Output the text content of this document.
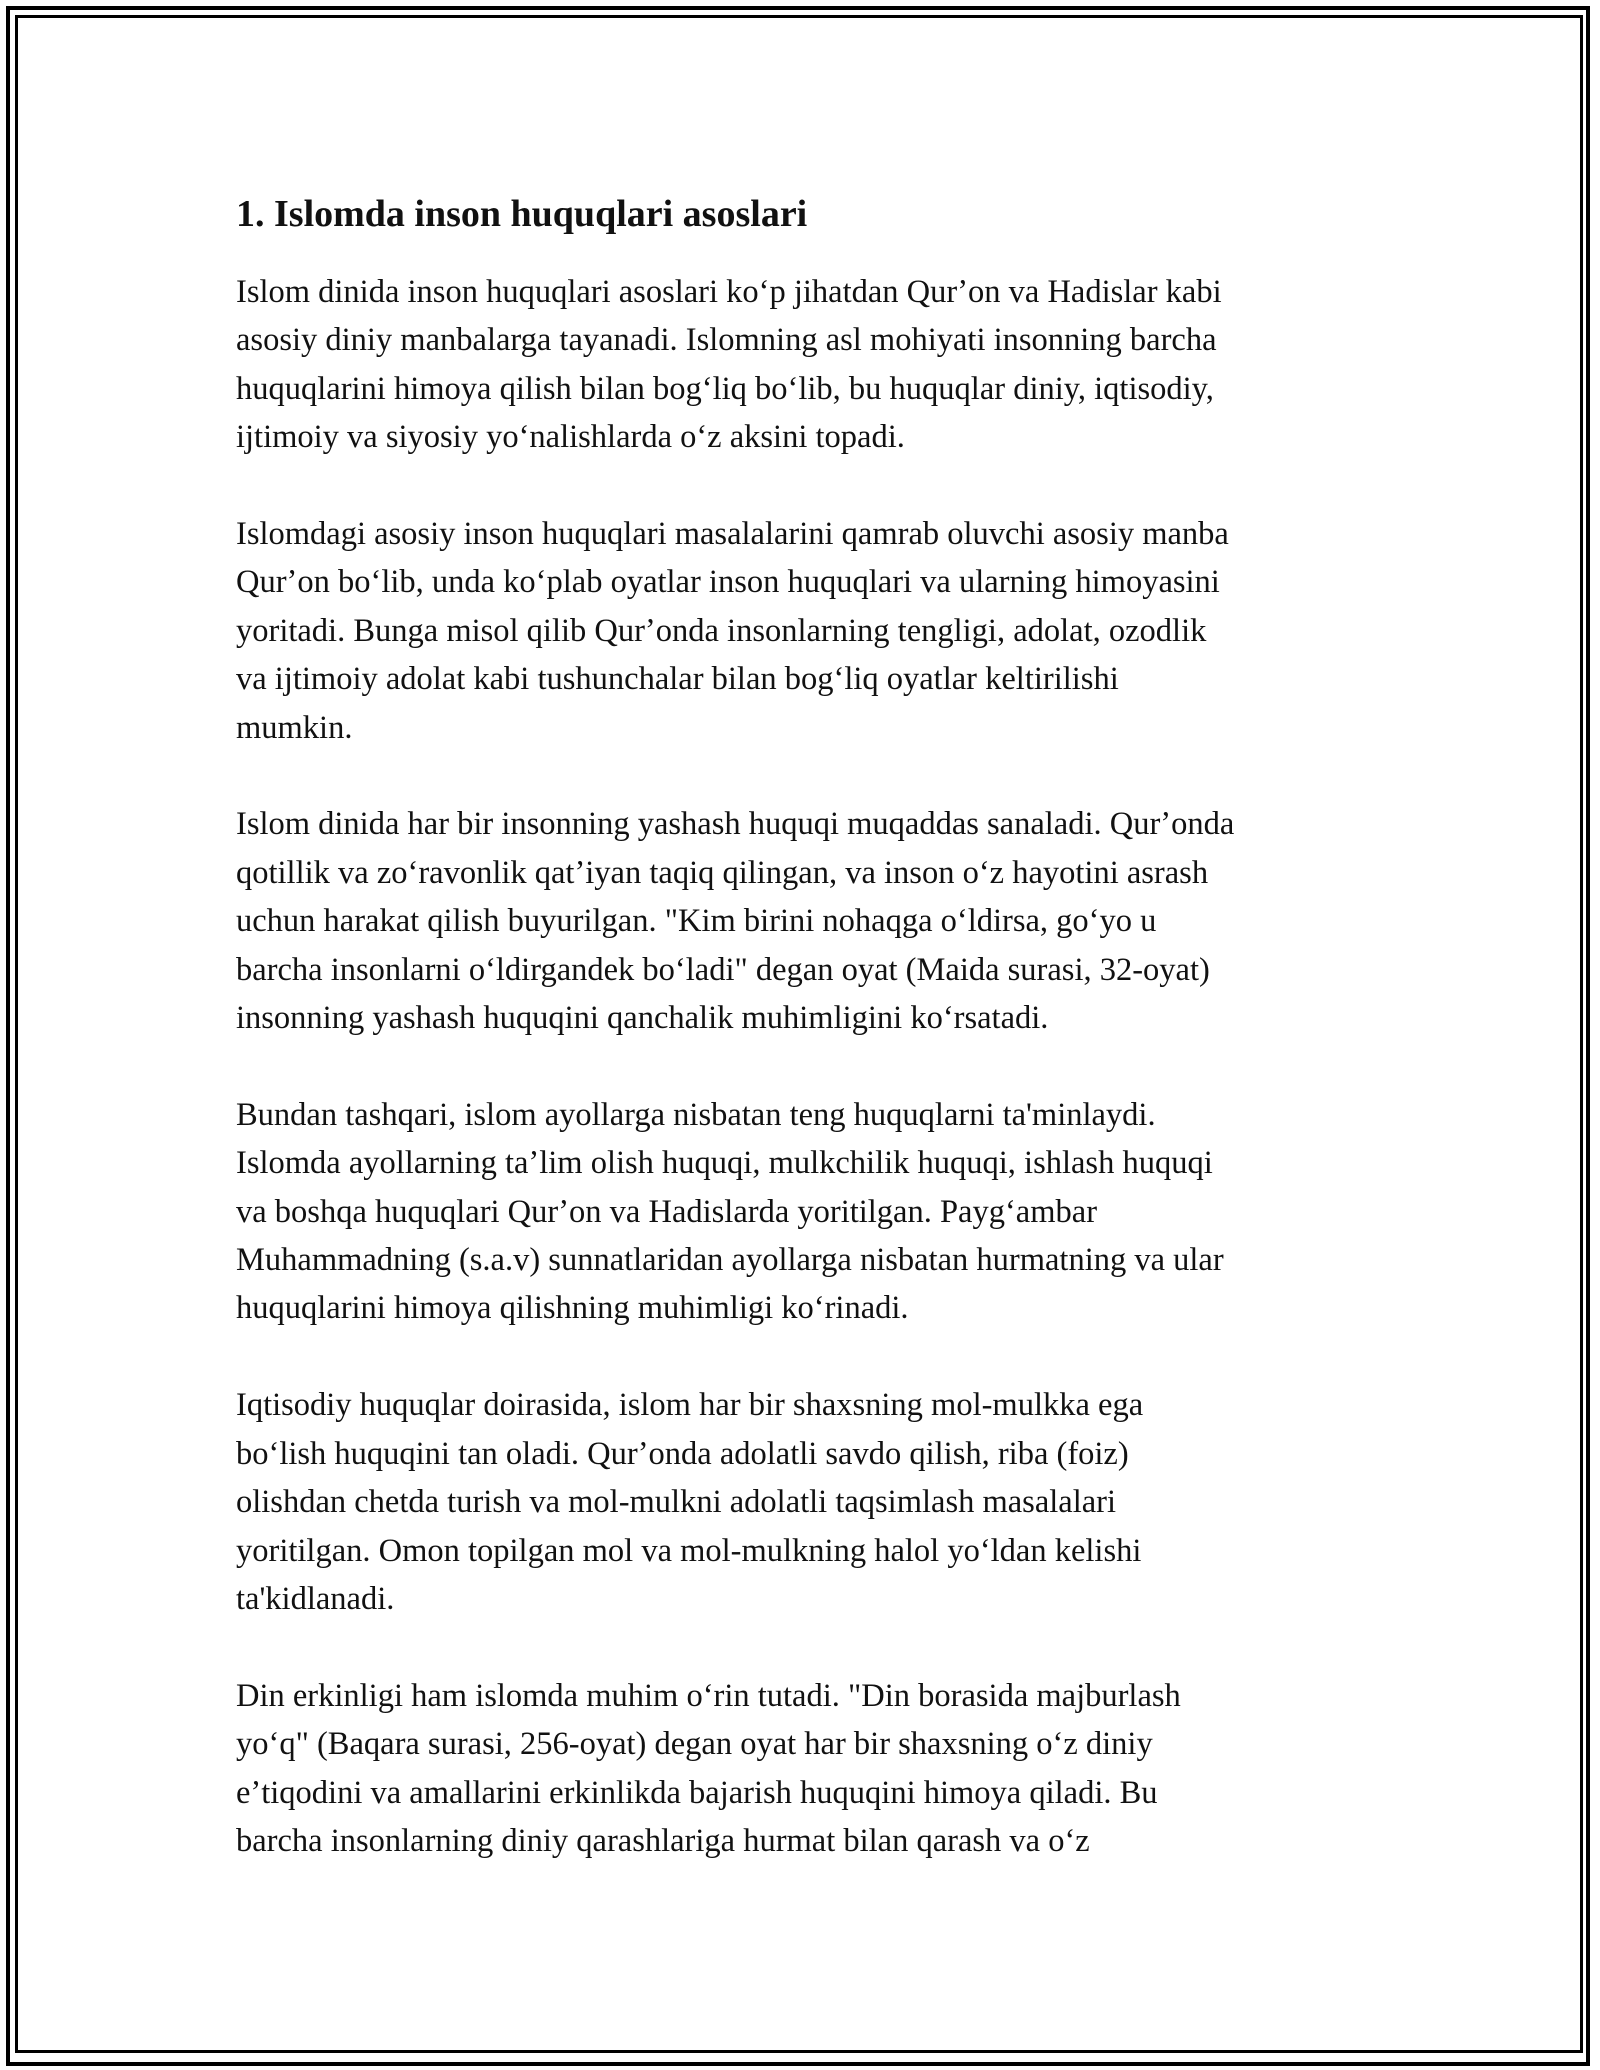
1. Islomda inson huquqlari asoslari
Islom dinida inson huquqlari asoslari koʻp jihatdan Qurʼon va Hadislar kabi
asosiy diniy manbalarga tayanadi. Islomning asl mohiyati insonning barcha
huquqlarini himoya qilish bilan bogʻliq boʻlib, bu huquqlar diniy, iqtisodiy,
ijtimoiy va siyosiy yoʻnalishlarda oʻz aksini topadi.
Islomdagi asosiy inson huquqlari masalalarini qamrab oluvchi asosiy manba
Qurʼon boʻlib, unda koʻplab oyatlar inson huquqlari va ularning himoyasini
yoritadi. Bunga misol qilib Qurʼonda insonlarning tengligi, adolat, ozodlik
va ijtimoiy adolat kabi tushunchalar bilan bogʻliq oyatlar keltirilishi
mumkin.
Islom dinida har bir insonning yashash huquqi muqaddas sanaladi. Qurʼonda
qotillik va zoʻravonlik qatʼiyan taqiq qilingan, va inson oʻz hayotini asrash
uchun harakat qilish buyurilgan. "Kim birini nohaqga oʻldirsa, goʻyo u
barcha insonlarni oʻldirgandek boʻladi" degan oyat (Maida surasi, 32-oyat)
insonning yashash huquqini qanchalik muhimligini koʻrsatadi.
Bundan tashqari, islom ayollarga nisbatan teng huquqlarni ta'minlaydi.
Islomda ayollarning taʼlim olish huquqi, mulkchilik huquqi, ishlash huquqi
va boshqa huquqlari Qurʼon va Hadislarda yoritilgan. Paygʻambar
Muhammadning (s.a.v) sunnatlaridan ayollarga nisbatan hurmatning va ular
huquqlarini himoya qilishning muhimligi koʻrinadi.
Iqtisodiy huquqlar doirasida, islom har bir shaxsning mol-mulkka ega
boʻlish huquqini tan oladi. Qurʼonda adolatli savdo qilish, riba (foiz)
olishdan chetda turish va mol-mulkni adolatli taqsimlash masalalari
yoritilgan. Omon topilgan mol va mol-mulkning halol yoʻldan kelishi
ta'kidlanadi.
Din erkinligi ham islomda muhim oʻrin tutadi. "Din borasida majburlash
yoʻq" (Baqara surasi, 256-oyat) degan oyat har bir shaxsning oʻz diniy
eʼtiqodini va amallarini erkinlikda bajarish huquqini himoya qiladi. Bu
barcha insonlarning diniy qarashlariga hurmat bilan qarash va oʻz
